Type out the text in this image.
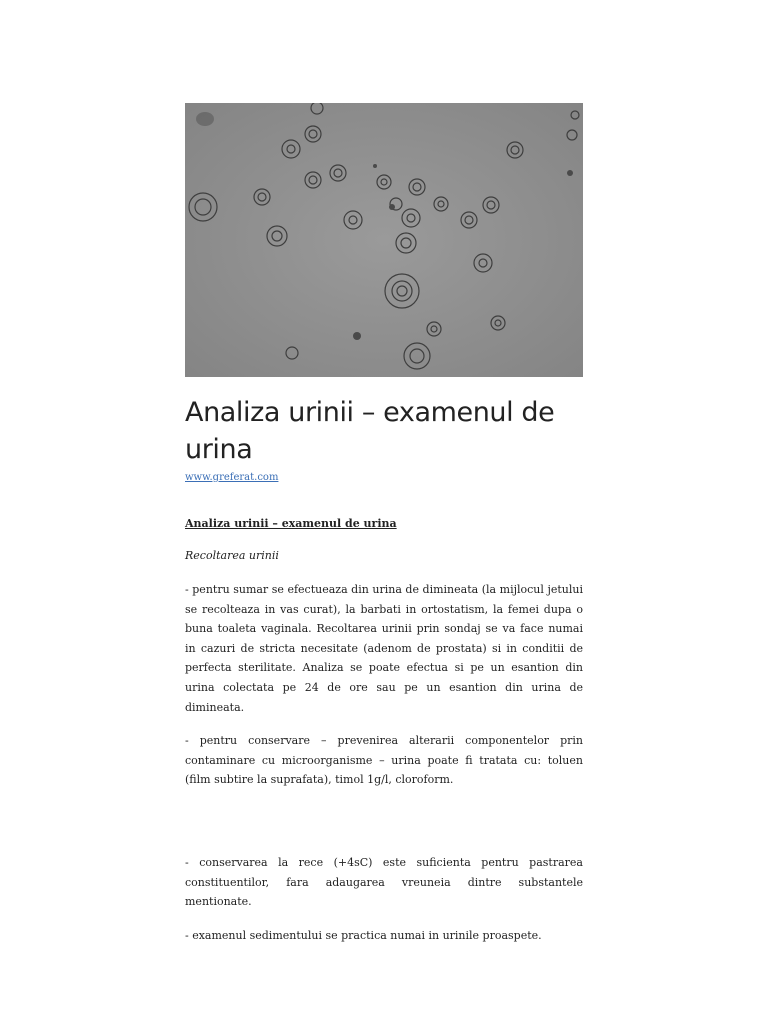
Analiza urinii – examenul de urina
www.greferat.com

Analiza urinii – examenul de urina

Recoltarea urinii

- pentru sumar se efectueaza din urina de dimineata (la mijlocul jetului se recolteaza in vas curat), la barbati in ortostatism, la femei dupa o buna toaleta vaginala. Recoltarea urinii prin sondaj se va face numai in cazuri de stricta necesitate (adenom de prostata) si in conditii de perfecta sterilitate. Analiza se poate efectua si pe un esantion din urina colectata pe 24 de ore sau pe un esantion din urina de dimineata.

- pentru conservare – prevenirea alterarii componentelor prin contaminare cu microorganisme – urina poate fi tratata cu: toluen (film subtire la suprafata), timol 1g/l, cloroform.

- conservarea la rece (+4sC) este suficienta pentru pastrarea constituentilor, fara adaugarea vreuneia dintre substantele mentionate.

- examenul sedimentului se practica numai in urinile proaspete.
